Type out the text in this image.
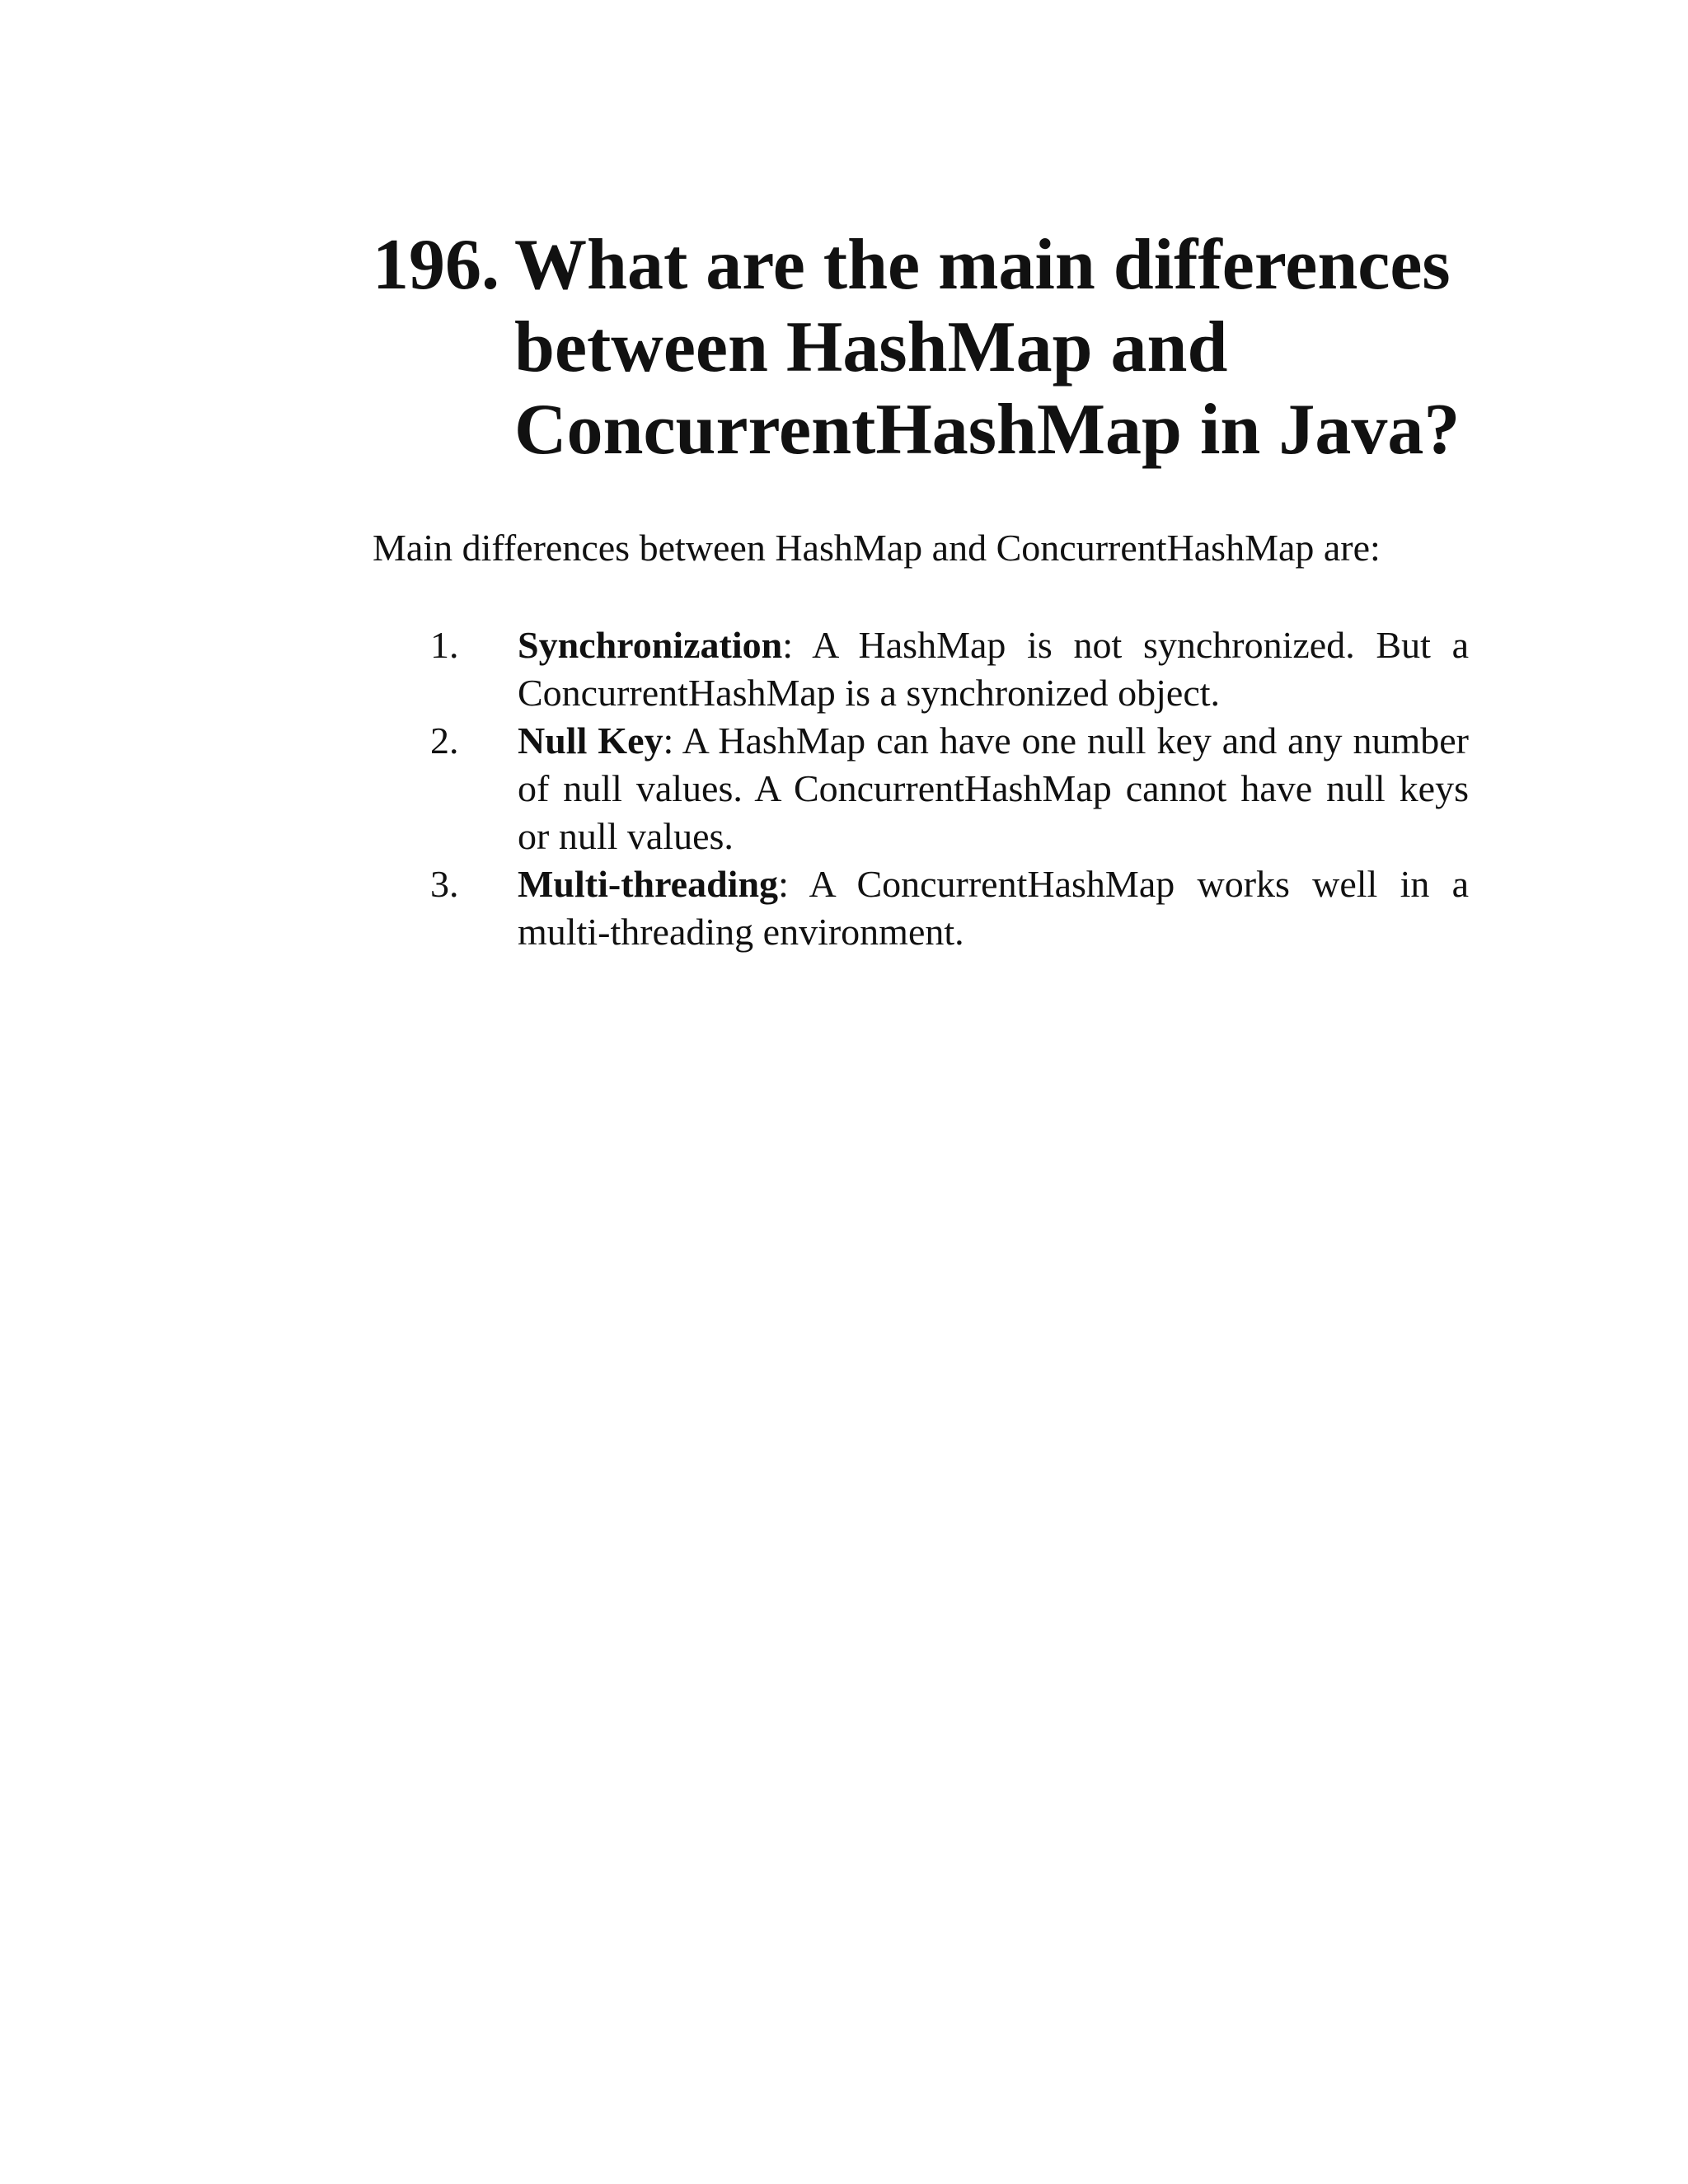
196. What are the main differences between HashMap and ConcurrentHashMap in Java?

Main differences between HashMap and ConcurrentHashMap are:

1.	Synchronization: A HashMap is not synchronized. But a ConcurrentHashMap is a synchronized object.
2.	Null Key: A HashMap can have one null key and any number of null values. A ConcurrentHashMap cannot have null keys or null values.
3.	Multi-threading: A ConcurrentHashMap works well in a multi-threading environment.
